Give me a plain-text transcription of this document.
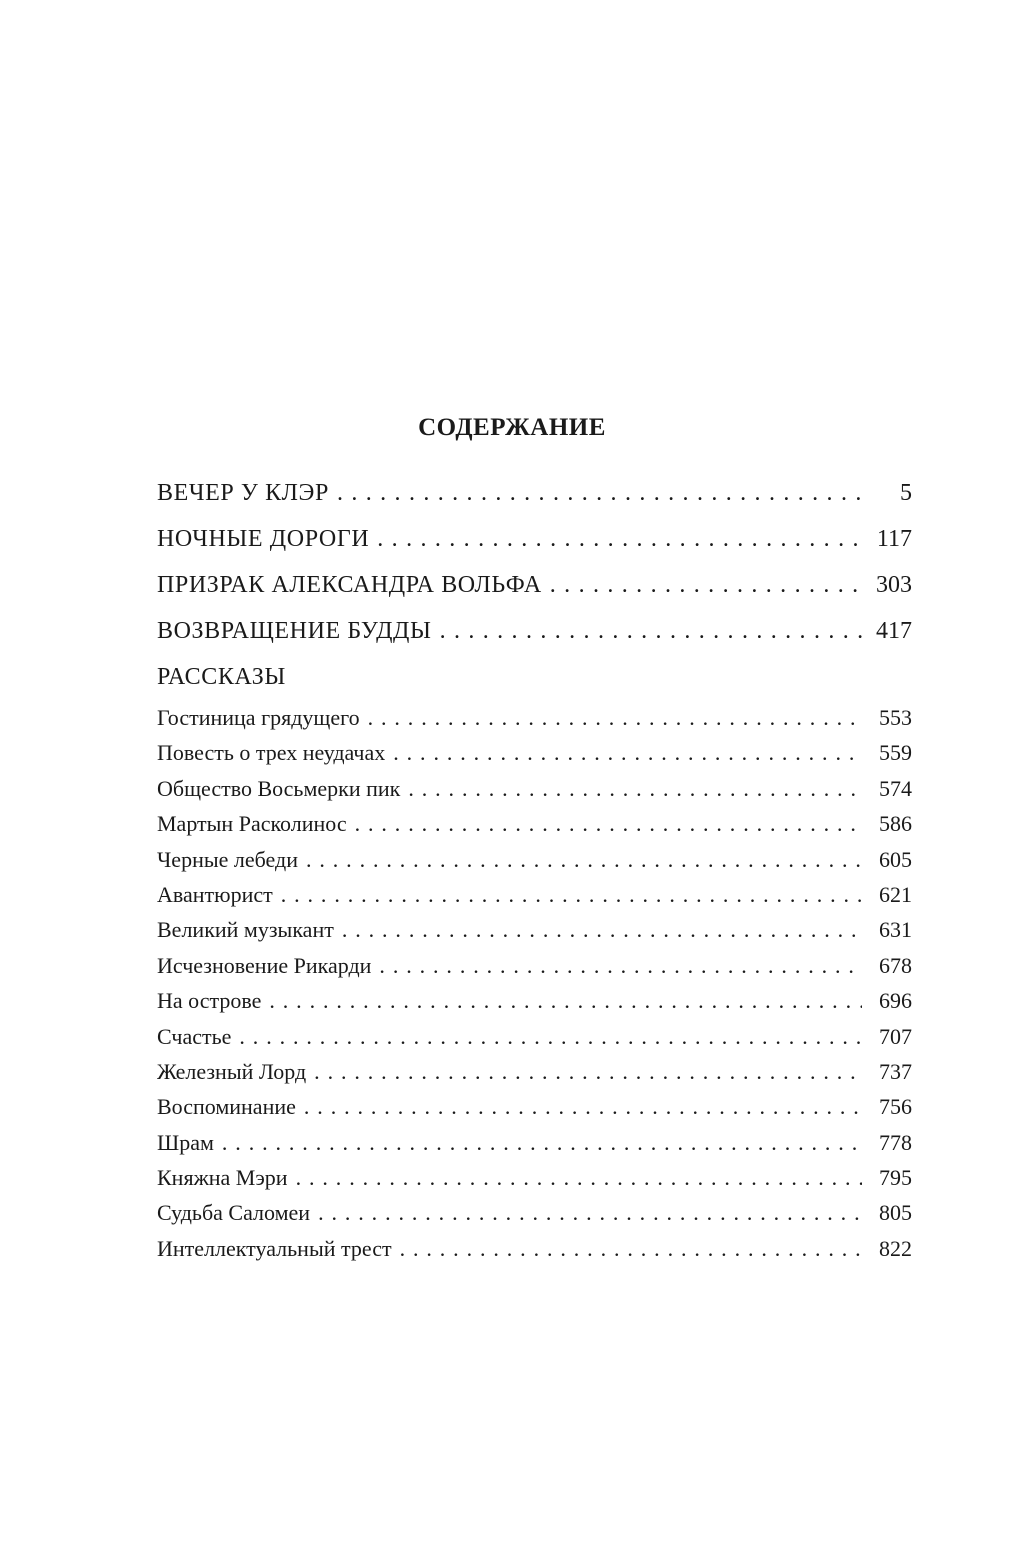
СОДЕРЖАНИЕ
ВЕЧЕР У КЛЭР . . .	5
НОЧНЫЕ ДОРОГИ . . .	117
ПРИЗРАК АЛЕКСАНДРА ВОЛЬФА . . .	303
ВОЗВРАЩЕНИЕ БУДДЫ . . .	417
РАССКАЗЫ
Гостиница грядущего . . .	553
Повесть о трех неудачах . . .	559
Общество Восьмерки пик . . .	574
Мартын Расколинос . . .	586
Черные лебеди . . .	605
Авантюрист . . .	621
Великий музыкант . . .	631
Исчезновение Рикарди . . .	678
На острове . . .	696
Счастье . . .	707
Железный Лорд . . .	737
Воспоминание . . .	756
Шрам . . .	778
Княжна Мэри . . .	795
Судьба Саломеи . . .	805
Интеллектуальный трест . . .	822
